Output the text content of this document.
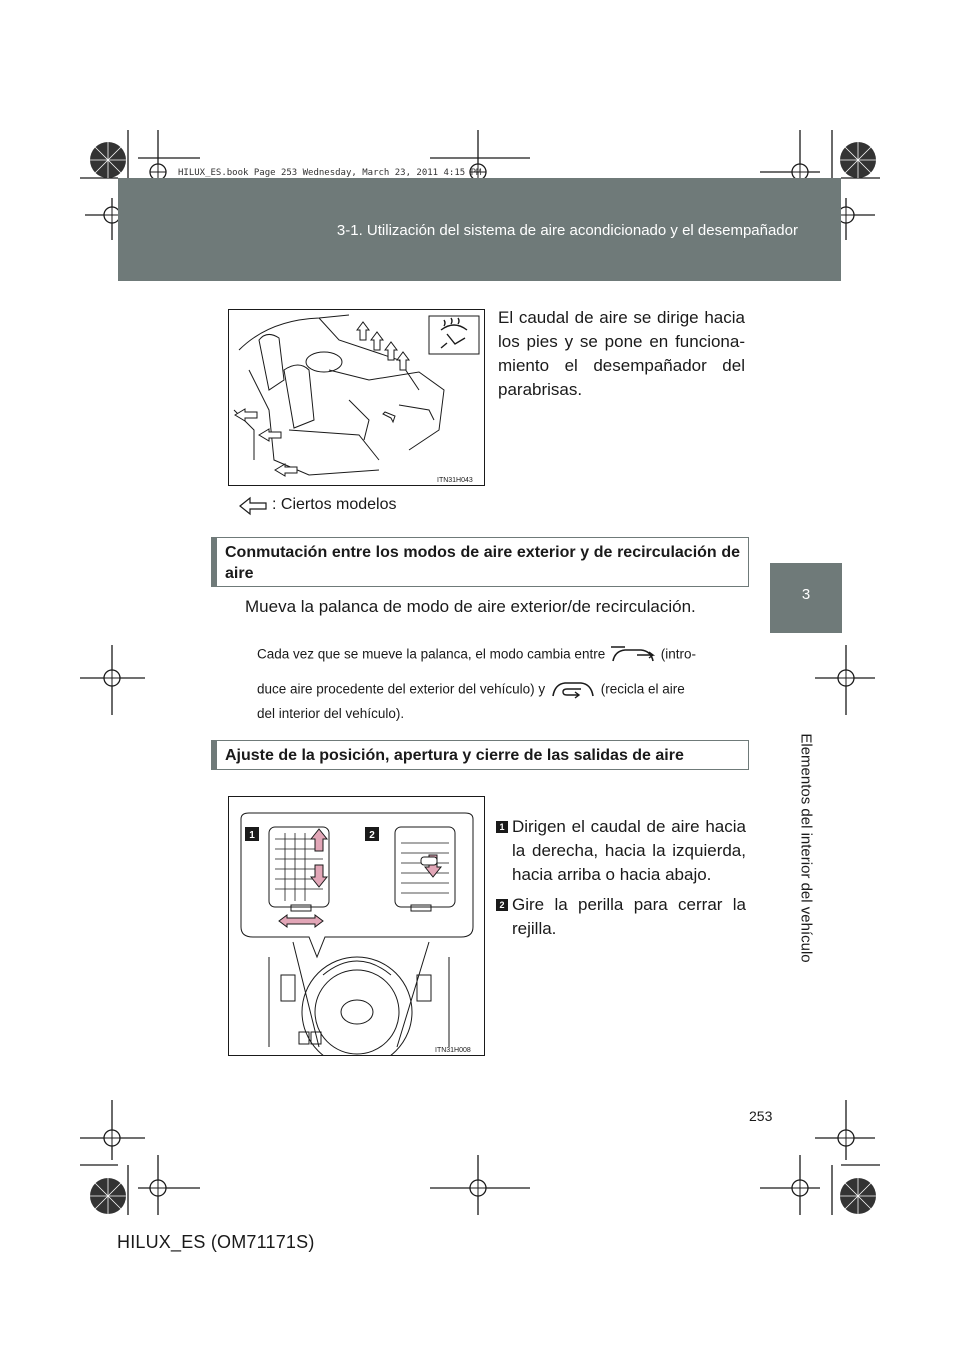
3-1. Utilización del sistema de aire acondicionado y el desempañador
HILUX_ES.book Page 253 Wednesday, March 23, 2011 4:15 PM
3
Elementos del interior del vehículo
ITN31H043
El caudal de aire se dirige hacia los pies y se pone en funciona-miento el desempañador del parabrisas.
: Ciertos modelos
Conmutación entre los modos de aire exterior y de recirculación de aire
Mueva la palanca de modo de aire exterior/de recirculación.
Cada vez que se mueve la palanca, el modo cambia entre	(intro-
duce aire procedente del exterior del vehículo) y	(recicla el aire
del interior del vehículo).
Ajuste de la posición, apertura y cierre de las salidas de aire
1	2
ITN31H008
1 Dirigen el caudal de aire hacia la derecha, hacia la izquierda, hacia arriba o hacia abajo.
2 Gire la perilla para cerrar la rejilla.
253
HILUX_ES (OM71171S)
